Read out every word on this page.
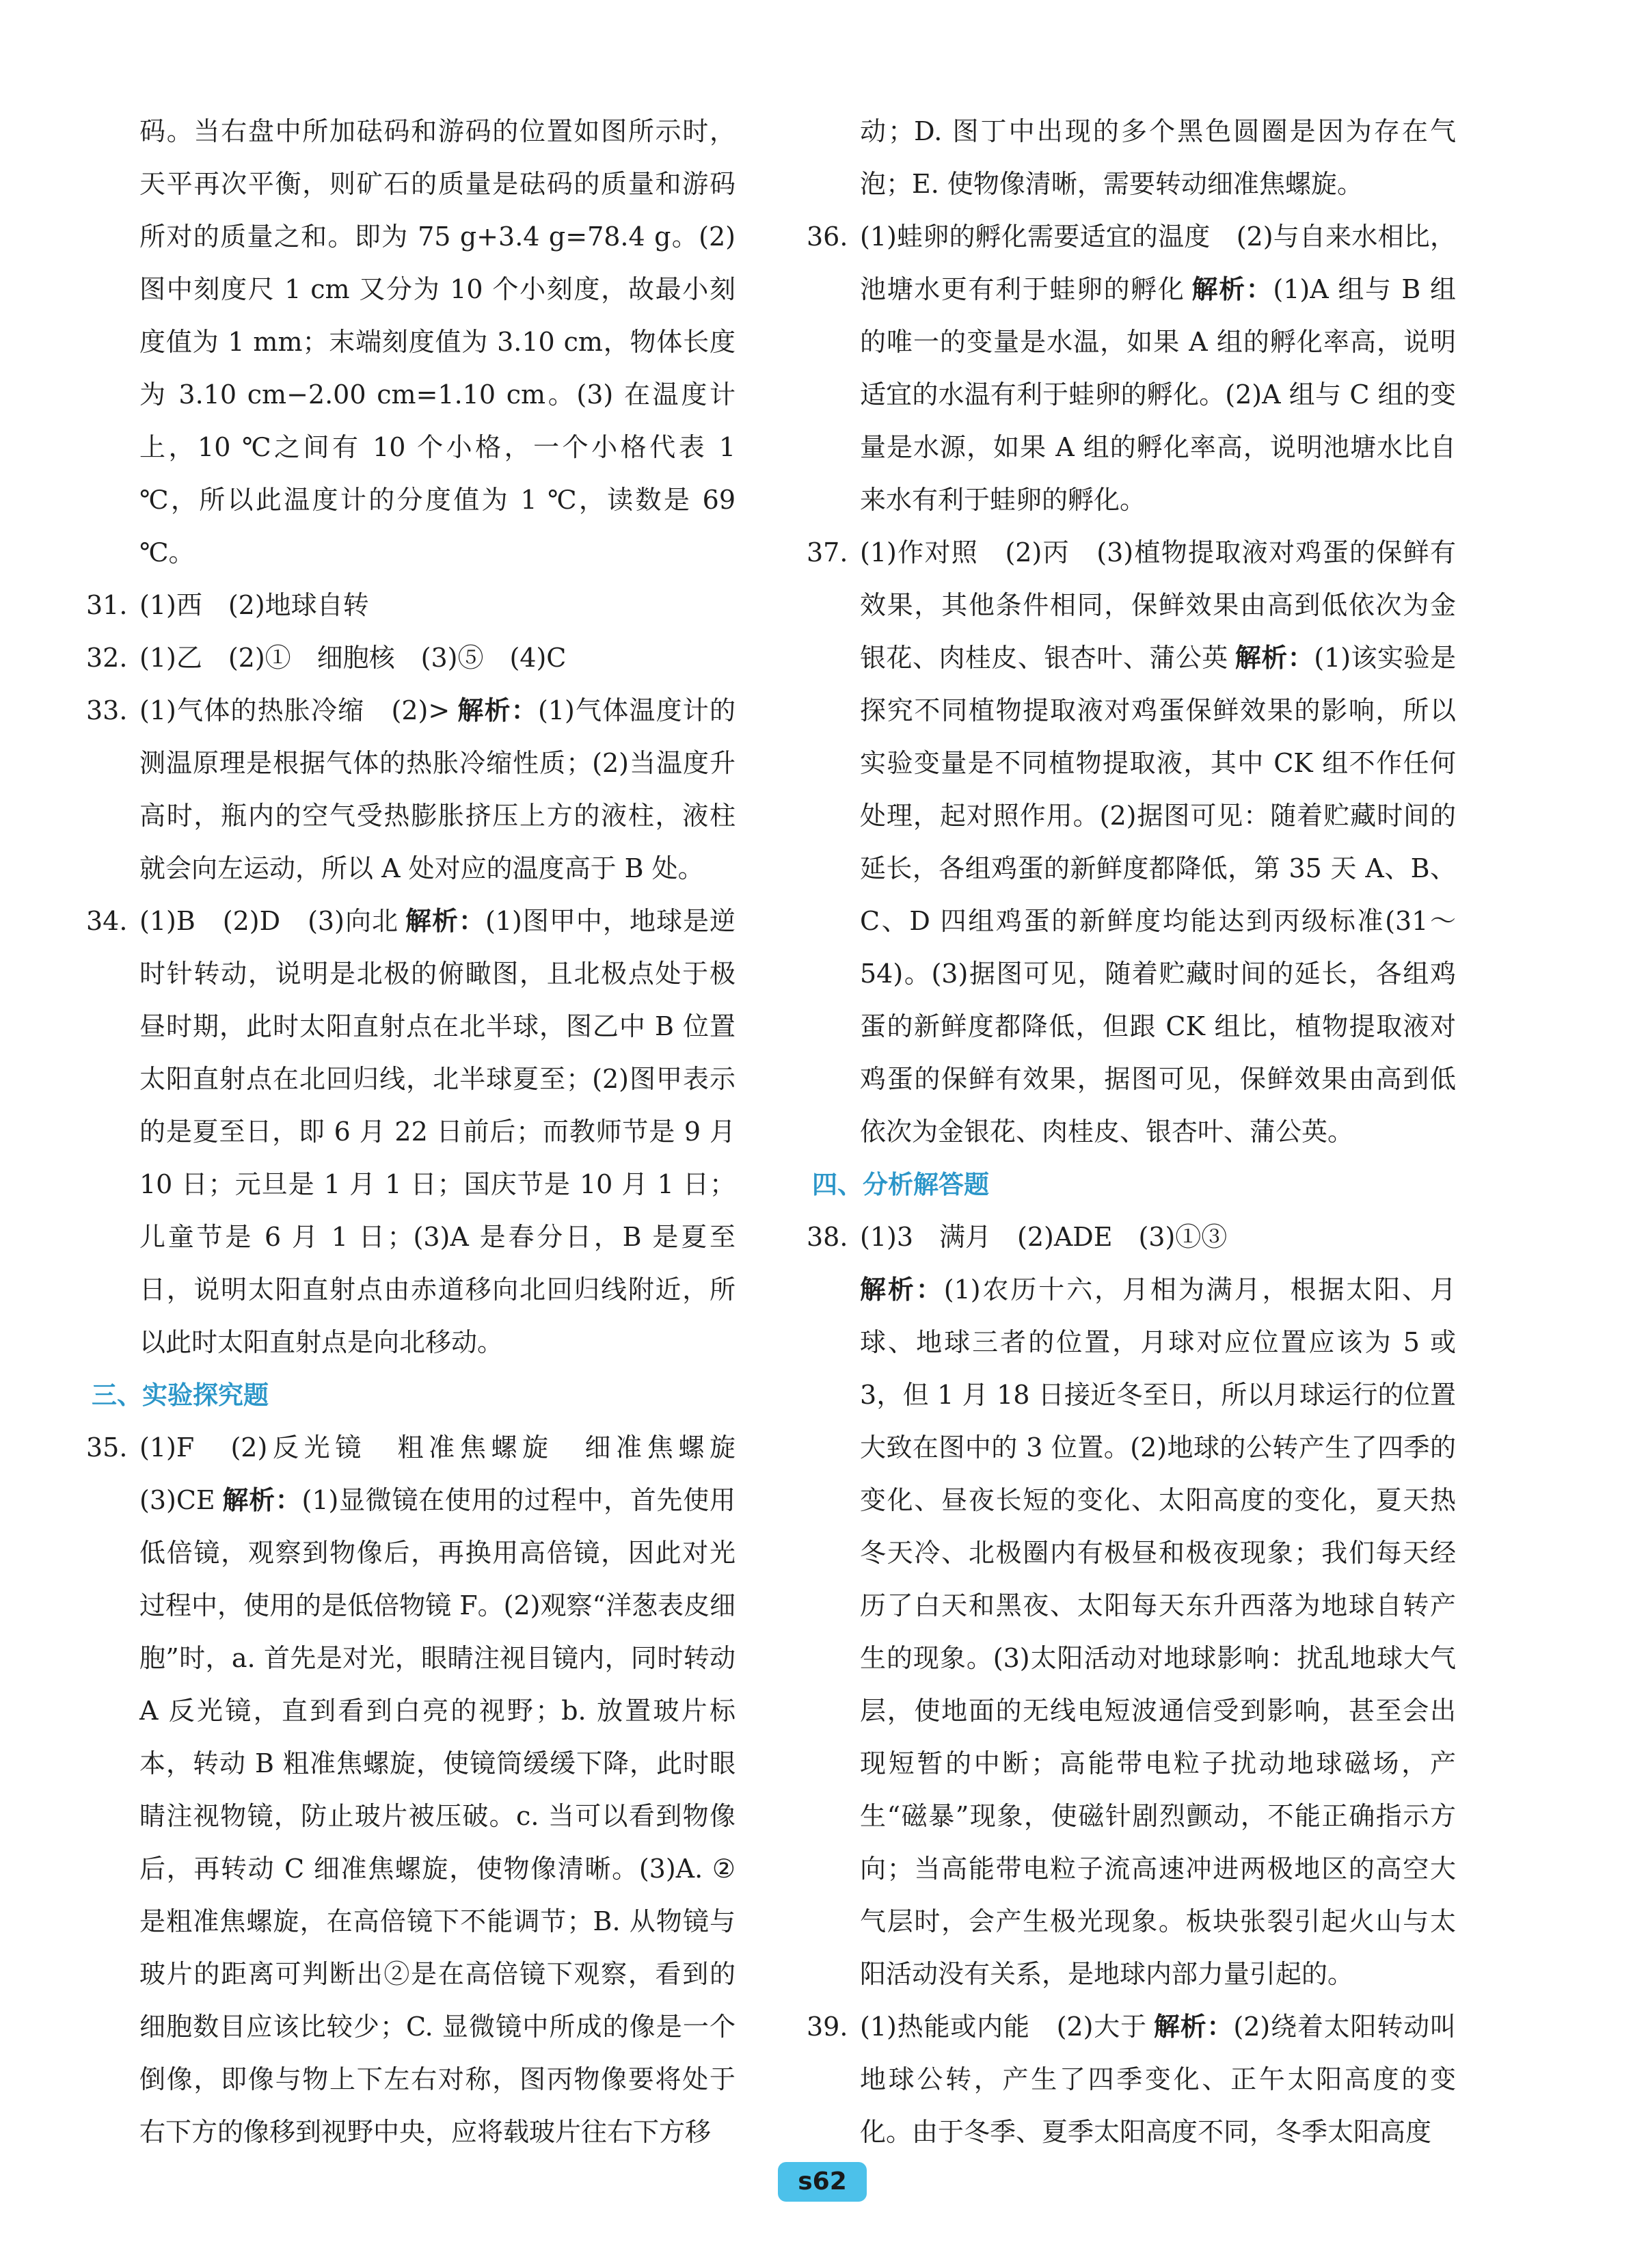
码。当右盘中所加砝码和游码的位置如图所示时，天平再次平衡，则矿石的质量是砝码的质量和游码所对的质量之和。即为 75 g+3.4 g=78.4 g。(2)图中刻度尺 1 cm 又分为 10 个小刻度，故最小刻度值为 1 mm；末端刻度值为 3.10 cm，物体长度为 3.10 cm−2.00 cm=1.10 cm。(3) 在温度计上，10 ℃之间有 10 个小格，一个小格代表 1 ℃，所以此温度计的分度值为 1 ℃，读数是 69 ℃。

31. (1)西　(2)地球自转

32. (1)乙　(2)①　细胞核　(3)⑤　(4)C

33. (1)气体的热胀冷缩　(2)> 解析：(1)气体温度计的测温原理是根据气体的热胀冷缩性质；(2)当温度升高时，瓶内的空气受热膨胀挤压上方的液柱，液柱就会向左运动，所以 A 处对应的温度高于 B 处。

34. (1)B　(2)D　(3)向北 解析：(1)图甲中，地球是逆时针转动，说明是北极的俯瞰图，且北极点处于极昼时期，此时太阳直射点在北半球，图乙中 B 位置太阳直射点在北回归线，北半球夏至；(2)图甲表示的是夏至日，即 6 月 22 日前后；而教师节是 9 月 10 日；元旦是 1 月 1 日；国庆节是 10 月 1 日；儿童节是 6 月 1 日；(3)A 是春分日，B 是夏至日，说明太阳直射点由赤道移向北回归线附近，所以此时太阳直射点是向北移动。

三、实验探究题

35. (1)F　(2)反光镜　粗准焦螺旋　细准焦螺旋　(3)CE 解析：(1)显微镜在使用的过程中，首先使用低倍镜，观察到物像后，再换用高倍镜，因此对光过程中，使用的是低倍物镜 F。(2)观察“洋葱表皮细胞”时，a. 首先是对光，眼睛注视目镜内，同时转动 A 反光镜，直到看到白亮的视野；b. 放置玻片标本，转动 B 粗准焦螺旋，使镜筒缓缓下降，此时眼睛注视物镜，防止玻片被压破。c. 当可以看到物像后，再转动 C 细准焦螺旋，使物像清晰。(3)A. ②是粗准焦螺旋，在高倍镜下不能调节；B. 从物镜与玻片的距离可判断出②是在高倍镜下观察，看到的细胞数目应该比较少；C. 显微镜中所成的像是一个倒像，即像与物上下左右对称，图丙物像要将处于右下方的像移到视野中央，应将载玻片往右下方移

动；D. 图丁中出现的多个黑色圆圈是因为存在气泡；E. 使物像清晰，需要转动细准焦螺旋。

36. (1)蛙卵的孵化需要适宜的温度　(2)与自来水相比，池塘水更有利于蛙卵的孵化 解析：(1)A 组与 B 组的唯一的变量是水温，如果 A 组的孵化率高，说明适宜的水温有利于蛙卵的孵化。(2)A 组与 C 组的变量是水源，如果 A 组的孵化率高，说明池塘水比自来水有利于蛙卵的孵化。

37. (1)作对照　(2)丙　(3)植物提取液对鸡蛋的保鲜有效果，其他条件相同，保鲜效果由高到低依次为金银花、肉桂皮、银杏叶、蒲公英 解析：(1)该实验是探究不同植物提取液对鸡蛋保鲜效果的影响，所以实验变量是不同植物提取液，其中 CK 组不作任何处理，起对照作用。(2)据图可见：随着贮藏时间的延长，各组鸡蛋的新鲜度都降低，第 35 天 A、B、C、D 四组鸡蛋的新鲜度均能达到丙级标准(31～54)。(3)据图可见，随着贮藏时间的延长，各组鸡蛋的新鲜度都降低，但跟 CK 组比，植物提取液对鸡蛋的保鲜有效果，据图可见，保鲜效果由高到低依次为金银花、肉桂皮、银杏叶、蒲公英。

四、分析解答题

38. (1)3　满月　(2)ADE　(3)①③
解析：(1)农历十六，月相为满月，根据太阳、月球、地球三者的位置，月球对应位置应该为 5 或 3，但 1 月 18 日接近冬至日，所以月球运行的位置大致在图中的 3 位置。(2)地球的公转产生了四季的变化、昼夜长短的变化、太阳高度的变化，夏天热冬天冷、北极圈内有极昼和极夜现象；我们每天经历了白天和黑夜、太阳每天东升西落为地球自转产生的现象。(3)太阳活动对地球影响：扰乱地球大气层，使地面的无线电短波通信受到影响，甚至会出现短暂的中断；高能带电粒子扰动地球磁场，产生“磁暴”现象，使磁针剧烈颤动，不能正确指示方向；当高能带电粒子流高速冲进两极地区的高空大气层时，会产生极光现象。板块张裂引起火山与太阳活动没有关系，是地球内部力量引起的。

39. (1)热能或内能　(2)大于 解析：(2)绕着太阳转动叫地球公转，产生了四季变化、正午太阳高度的变化。由于冬季、夏季太阳高度不同，冬季太阳高度

s62
